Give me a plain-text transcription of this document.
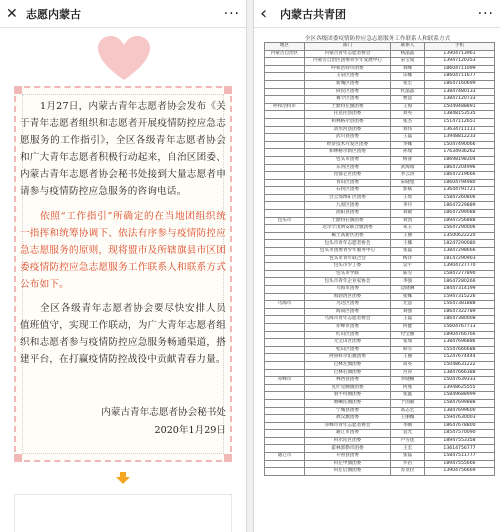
✕ 志愿内蒙古	···
1月27日，内蒙古青年志愿者协会发布《关于青年志愿者组织和志愿者开展疫情防控应急志愿服务的工作指引》，全区各级青年志愿者协会和广大青年志愿者积极行动起来，自治区团委、内蒙古青年志愿者协会秘书处接到大量志愿者申请参与疫情防控应急服务的咨询电话。
依照“工作指引”所确定的在当地团组织统一指挥和统筹协调下、依法有序参与疫情防控应急志愿服务的原则，现将盟市及所辖旗县市区团委疫情防控应急志愿服务工作联系人和联系方式公布如下。
全区各级青年志愿者协会要尽快安排人员值班值守，实现工作联动，为广大青年志愿者组织和志愿者参与疫情防控应急服务畅通渠道，搭建平台，在打赢疫情防控战役中贡献青春力量。
内蒙古青年志愿者协会秘书处
2020年1月29日
‹	内蒙古共青团	···
全区各级团委疫情防控应急志愿服务工作联系人和联系方式
地区	部门	联系人	手机
内蒙古自治区	内蒙古青年志愿者协会	杨晶晶	13904713961
	内蒙古自治区团委青少年发展中心	宋宝成	13947120353
	呼和浩特市团委	刘峰	18604711099
	玉泉区团委	乐娜	18604711677
	新城区团委	张宏	18647160699
	回民区团委	杜晶晶	13847480133
	赛罕区团委	曹慧	13847120733
呼和浩特市	土默特左旗团委	王海	15049488891
	托克托县团委	刘英	13848153535
	和林格尔县团委	张杰	15147112651
	清水河县团委	刘伟	13634711111
	武川县团委	王磊	13948812233
	经济技术开发区团委	李娜	15047490066
	和林格尔新区团委	孙瑞	17634936262
	包头市团委	杨睿	18698198304
	东河区团委	武海瑞	18647204996
	昆都仑区团委	李云涛	18647219666
	青山区团委	宋晓旭	18604794980
	石拐区团委	郭斌	13644791721
	白云鄂博矿区团委	王瑶	15847260806
	九原区团委	李丹	18647229889
	固阳县团委	刘敏	18647299088
包头市	土默特右旗团委	刘凯	18947256888
	达尔罕茂明安联合旗团委	朱玉	15647290006
	稀土高新区团委	王丽	13500622220
	包头市青年志愿者协会	王娜	18247290080
	包头市团委青少年服务中心	张磊	13847298666
	包头市青年联合会	杨洋	18147290903
	包头市少工委	吴宇	13904727770
	包头市学联	陈雪	15847277890
	包头市青年企业家协会	李强	18647280266
	乌海市团委	边晓琳	18447314199
	海勃湾区团委	张娜	15947315226
乌海市	乌达区团委	尤慧	15647381888
	海南区团委	刘强	18647322789
	乌海市青年志愿者协会	王磊	18647380008
	赤峰市团委	何健	15604767713
	红山区团委	付宝丽	18904766766
	元宝山区团委	张瑞	13847696886
	松山区团委	韩雪	15547666688
	阿鲁科尔沁旗团委	王丽	15247674444
	巴林左旗团委	高英	15048631222
	巴林右旗团委	宫涛	13847666388
赤峰市	林西县团委	李晓楠	15047639333
	克什克腾旗团委	何燕	13948625555
	翁牛特旗团委	张鑫	15849688999
	喀喇沁旗团委	于国敏	15847699888
	宁城县团委	高志宏	13847699600
	敖汉旗团委	王丽娜	15947630003
	赤峰市青年志愿者协会	李刚	18647678800
	通辽市团委	袁光	18547570090
	科尔沁区团委	卢雪莲	18947553358
	霍林郭勒市团委	王宏	13614756777
通辽市	开鲁县团委	张磊	15847511777
	科左中旗团委	罗岩	18947555666
	科左后旗团委	苏亚拉	13904756669
